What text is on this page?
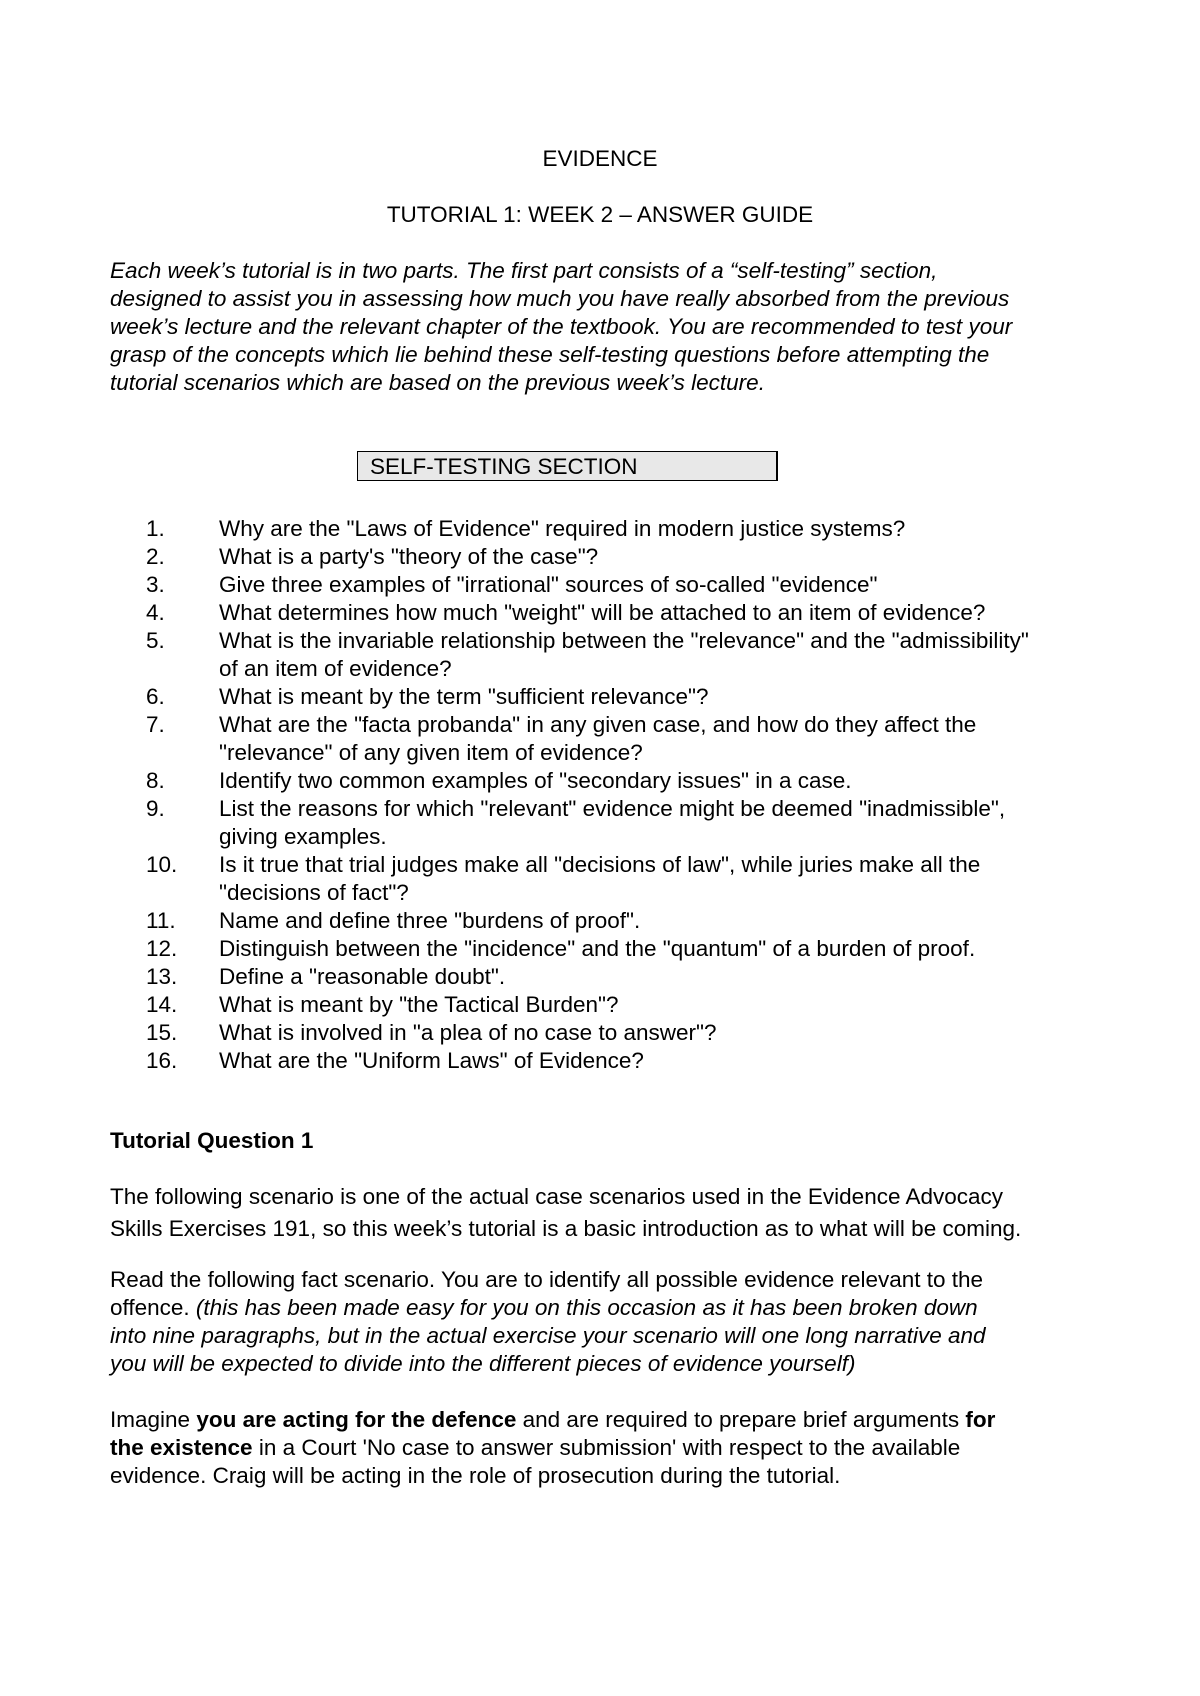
EVIDENCE
TUTORIAL 1: WEEK 2 – ANSWER GUIDE
Each week’s tutorial is in two parts. The first part consists of a “self-testing” section,
designed to assist you in assessing how much you have really absorbed from the previous
week’s lecture and the relevant chapter of the textbook. You are recommended to test your
grasp of the concepts which lie behind these self-testing questions before attempting the
tutorial scenarios which are based on the previous week’s lecture.
SELF-TESTING SECTION
1. Why are the "Laws of Evidence" required in modern justice systems?
2. What is a party's "theory of the case"?
3. Give three examples of "irrational" sources of so-called "evidence"
4. What determines how much "weight" will be attached to an item of evidence?
5. What is the invariable relationship between the "relevance" and the "admissibility"
of an item of evidence?
6. What is meant by the term "sufficient relevance"?
7. What are the "facta probanda" in any given case, and how do they affect the
"relevance" of any given item of evidence?
8. Identify two common examples of "secondary issues" in a case.
9. List the reasons for which "relevant" evidence might be deemed "inadmissible",
giving examples.
10. Is it true that trial judges make all "decisions of law", while juries make all the
"decisions of fact"?
11. Name and define three "burdens of proof".
12. Distinguish between the "incidence" and the "quantum" of a burden of proof.
13. Define a "reasonable doubt".
14. What is meant by "the Tactical Burden"?
15. What is involved in "a plea of no case to answer"?
16. What are the "Uniform Laws" of Evidence?
Tutorial Question 1
The following scenario is one of the actual case scenarios used in the Evidence Advocacy
Skills Exercises 191, so this week’s tutorial is a basic introduction as to what will be coming.
Read the following fact scenario. You are to identify all possible evidence relevant to the
offence. (this has been made easy for you on this occasion as it has been broken down
into nine paragraphs, but in the actual exercise your scenario will one long narrative and
you will be expected to divide into the different pieces of evidence yourself)
Imagine you are acting for the defence and are required to prepare brief arguments for
the existence in a Court 'No case to answer submission' with respect to the available
evidence. Craig will be acting in the role of prosecution during the tutorial.
